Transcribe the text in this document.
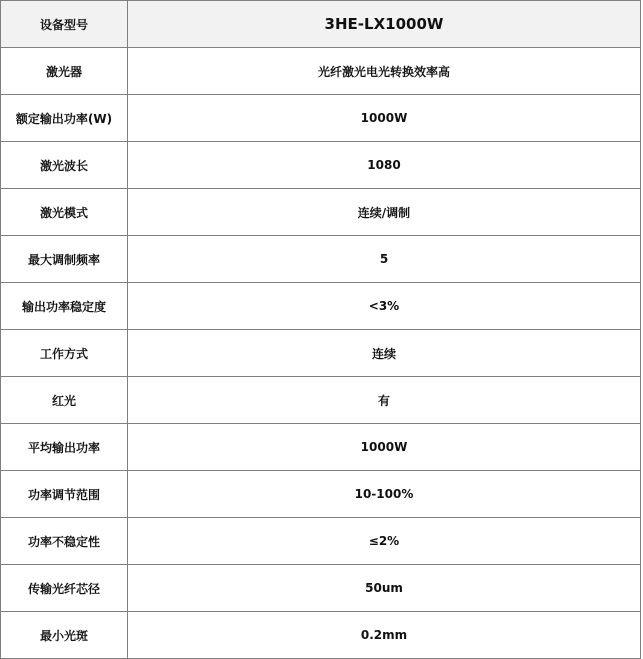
设备型号	3HE-LX1000W
激光器	光纤激光电光转换效率高
额定输出功率(W)	1000W
激光波长	1080
激光模式	连续/调制
最大调制频率	5
输出功率稳定度	<3%
工作方式	连续
红光	有
平均输出功率	1000W
功率调节范围	10-100%
功率不稳定性	≤2%
传输光纤芯径	50um
最小光斑	0.2mm
